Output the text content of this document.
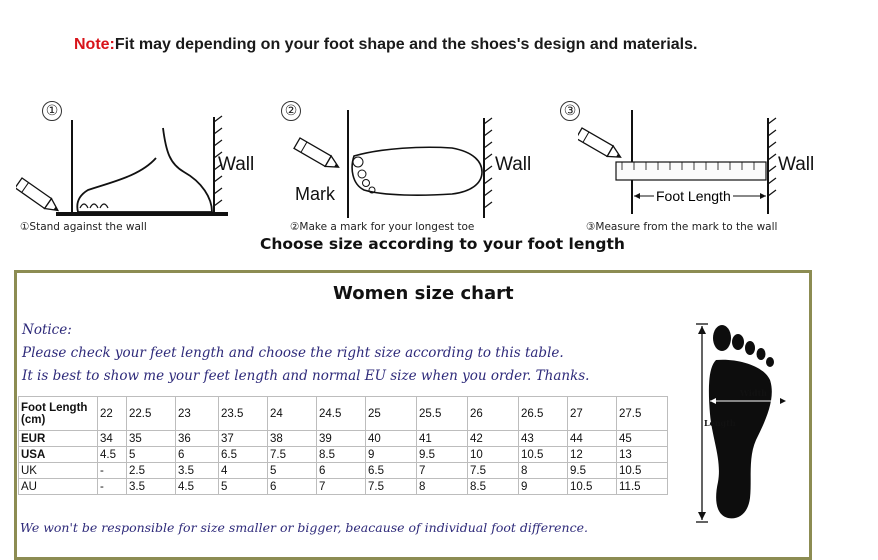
Note:Fit may depending on your foot shape and the shoes's design and materials.
①
Wall
①Stand against the wall
②
Wall
Mark
②Make a mark for your longest toe
③
Wall
Foot Length
③Measure from the mark to the wall
Choose size according to your foot length
Women size chart
Notice:
Please check your feet length and choose the right size according to this table.
It is best to show me your feet length and normal EU size when you order. Thanks.
Foot Length (cm)	22	22.5	23	23.5	24	24.5	25	25.5	26	26.5	27	27.5
EUR	34	35	36	37	38	39	40	41	42	43	44	45
USA	4.5	5	6	6.5	7.5	8.5	9	9.5	10	10.5	12	13
UK	-	2.5	3.5	4	5	6	6.5	7	7.5	8	9.5	10.5
AU	-	3.5	4.5	5	6	7	7.5	8	8.5	9	10.5	11.5
Width
Length
We won't be responsible for size smaller or bigger, beacause of individual foot difference.
